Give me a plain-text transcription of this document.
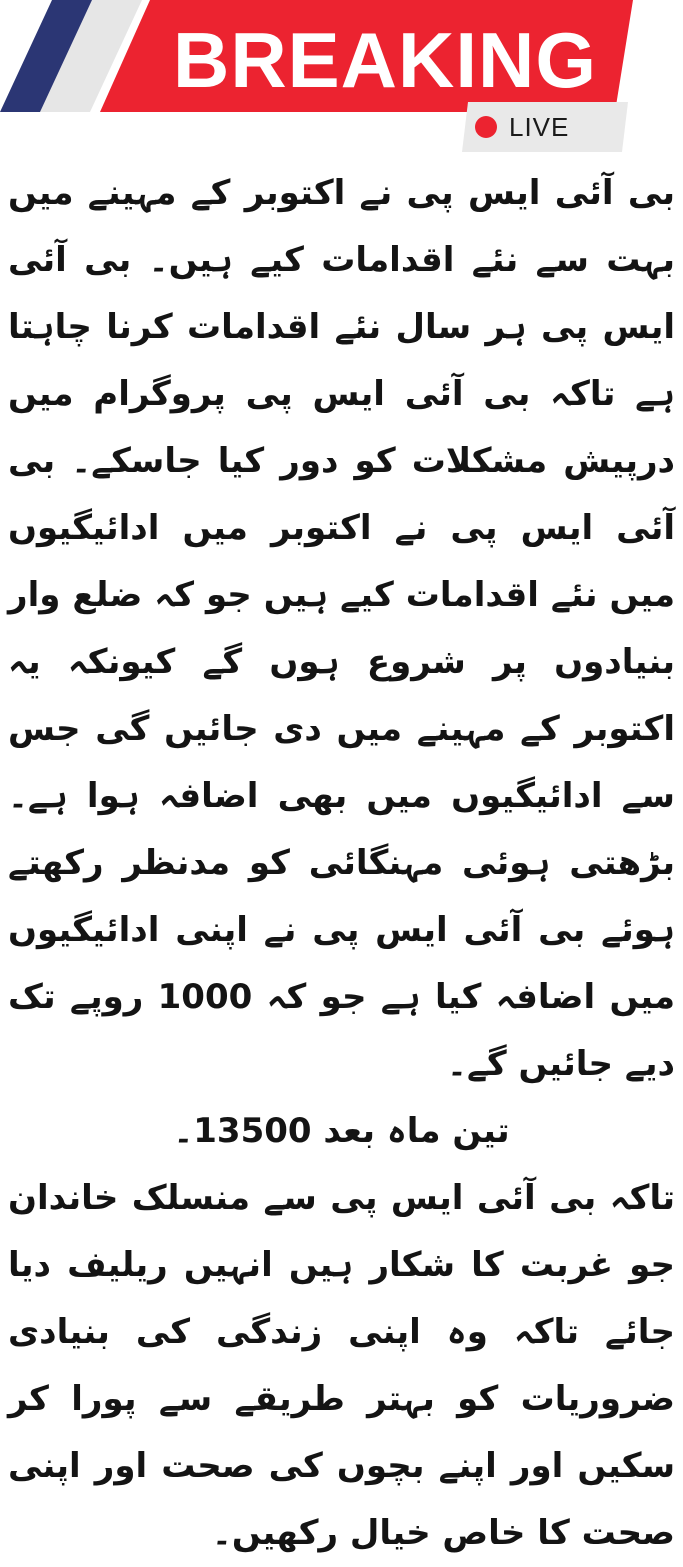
BREAKING
LIVE

بی آئی ایس پی نے اکتوبر کے مہینے میں بہت سے نئے اقدامات کیے ہیں۔ بی آئی ایس پی ہر سال نئے اقدامات کرنا چاہتا ہے تاکہ بی آئی ایس پی پروگرام میں درپیش مشکلات کو دور کیا جاسکے۔ بی آئی ایس پی نے اکتوبر میں ادائیگیوں میں نئے اقدامات کیے ہیں جو کہ ضلع وار بنیادوں پر شروع ہوں گے کیونکہ یہ اکتوبر کے مہینے میں دی جائیں گی جس سے ادائیگیوں میں بھی اضافہ ہوا ہے۔ بڑھتی ہوئی مہنگائی کو مدنظر رکھتے ہوئے بی آئی ایس پی نے اپنی ادائیگیوں میں اضافہ کیا ہے جو کہ 1000 روپے تک دیے جائیں گے۔

تین ماہ بعد 13500۔

تاکہ بی آئی ایس پی سے منسلک خاندان جو غربت کا شکار ہیں انہیں ریلیف دیا جائے تاکہ وہ اپنی زندگی کی بنیادی ضروریات کو بہتر طریقے سے پورا کر سکیں اور اپنے بچوں کی صحت اور اپنی صحت کا خاص خیال رکھیں۔
